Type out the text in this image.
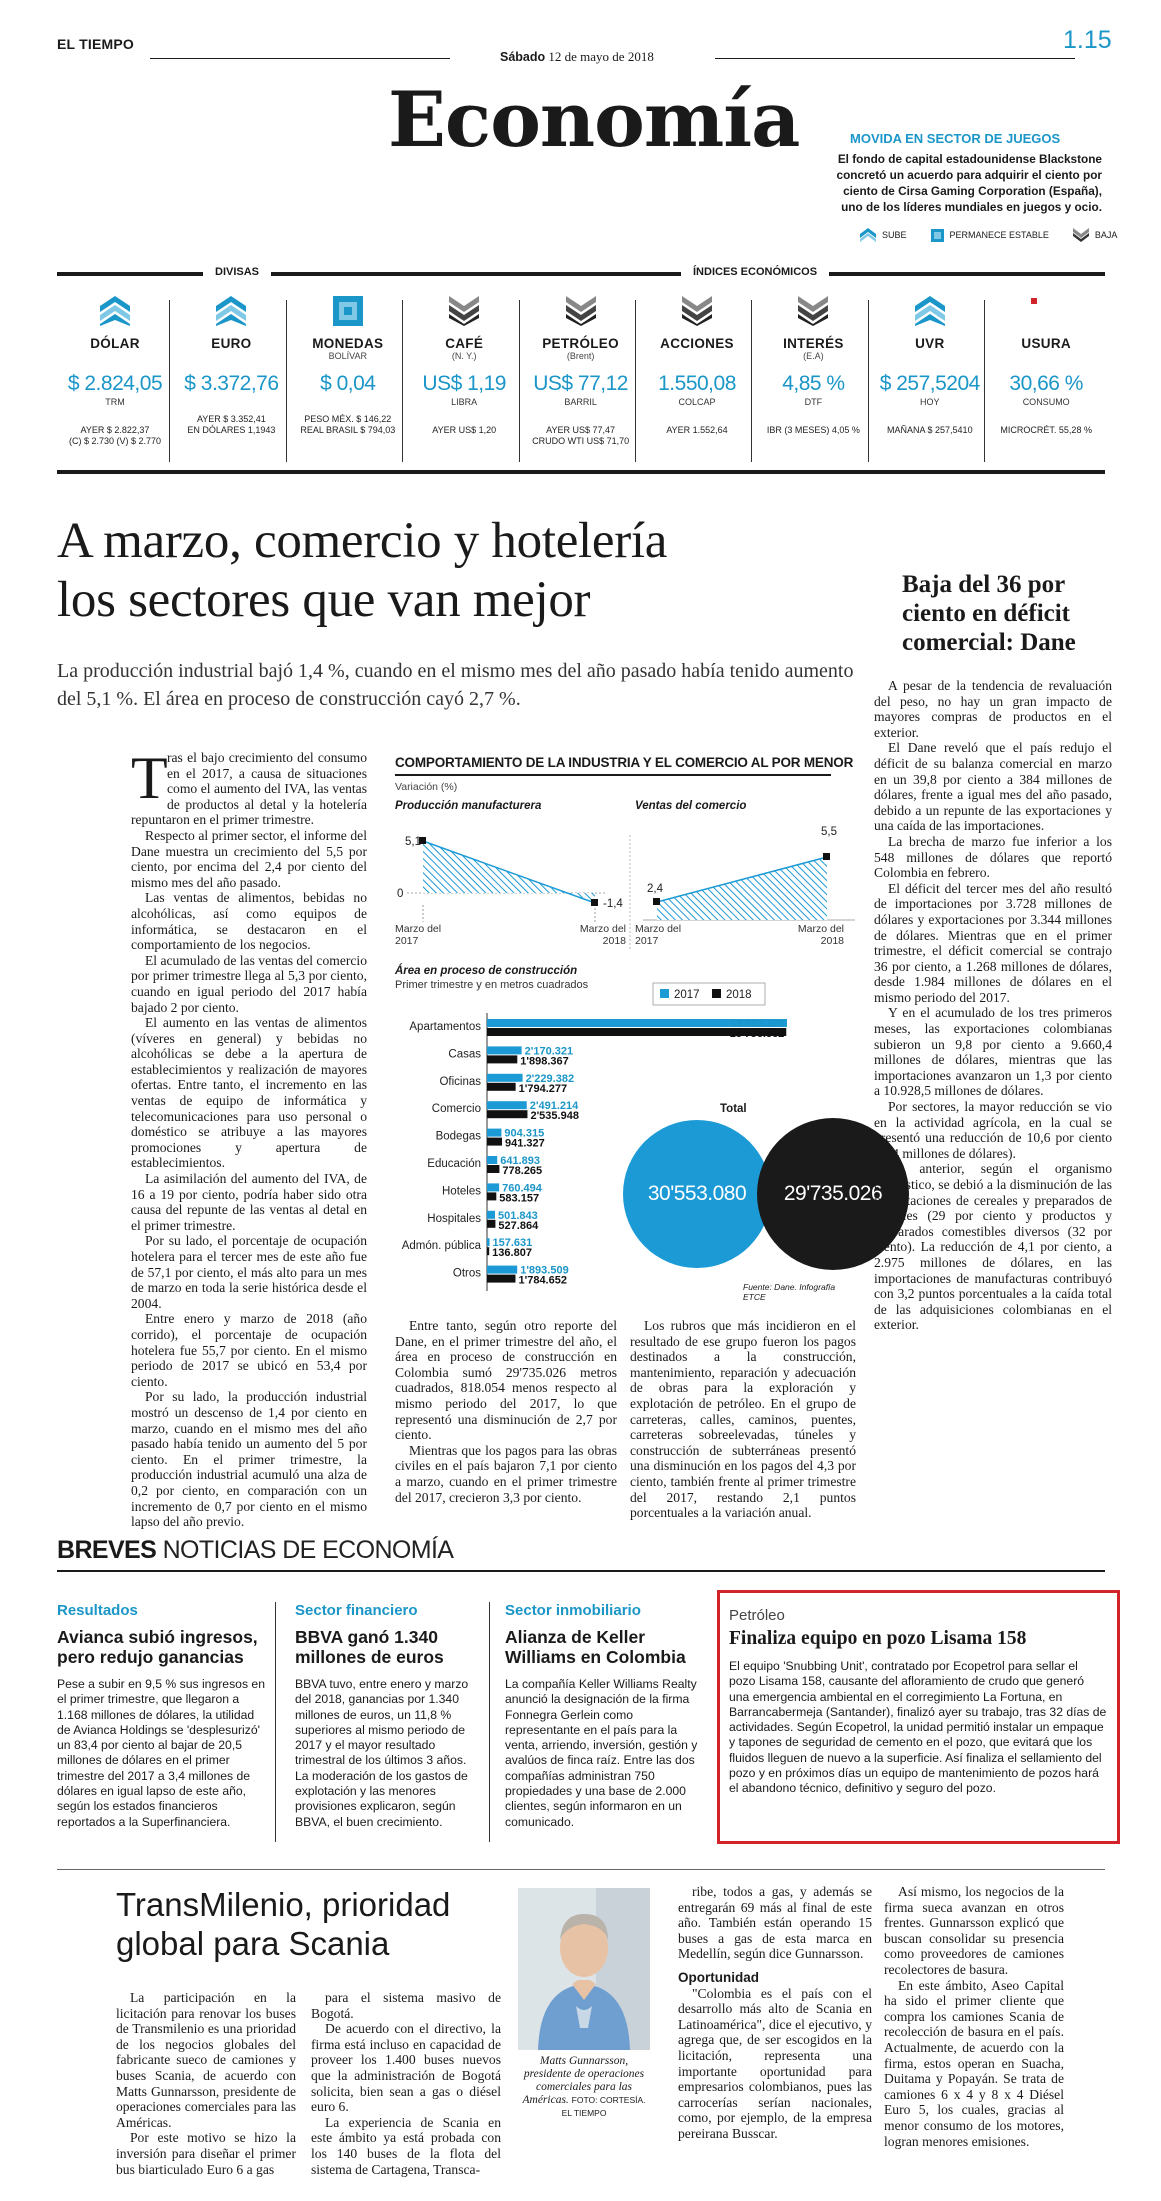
EL TIEMPO
Sábado 12 de mayo de 2018
1.15
Economía	MOVIDA EN SECTOR DE JUEGOS
El fondo de capital estadounidense Blackstone concretó un acuerdo para adquirir el ciento por ciento de Cirsa Gaming Corporation (España), uno de los líderes mundiales en juegos y ocio.
SUBE	PERMANECE ESTABLE	BAJA
DIVISAS	ÍNDICES ECONÓMICOS
DÓLAR
$ 2.824,05
TRM
AYER $ 2.822,37
(C) $ 2.730 (V) $ 2.770
EURO
$ 3.372,76
AYER $ 3.352,41
EN DÓLARES 1,1943
MONEDAS
BOLÍVAR
$ 0,04
PESO MÉX. $ 146,22
REAL BRASIL $ 794,03
CAFÉ
(N. Y.)
US$ 1,19
LIBRA
AYER US$ 1,20
PETRÓLEO
(Brent)
US$ 77,12
BARRIL
AYER US$ 77,47
CRUDO WTI US$ 71,70
ACCIONES
1.550,08
COLCAP
AYER 1.552,64
INTERÉS
(E.A)
4,85 %
DTF
IBR (3 MESES) 4,05 %
UVR
$ 257,5204
HOY
MAÑANA $ 257,5410
USURA
30,66 %
CONSUMO
MICROCRÉT. 55,28 %
A marzo, comercio y hotelería
los sectores que van mejor
La producción industrial bajó 1,4 %, cuando en el mismo mes del año pasado había tenido aumento del 5,1 %. El área en proceso de construcción cayó 2,7 %.
T ras el bajo crecimiento del consumo en el 2017, a causa de situaciones como el aumento del IVA, las ventas de productos al detal y la hotelería repuntaron en el primer trimestre.

Respecto al primer sector, el informe del Dane muestra un crecimiento del 5,5 por ciento, por encima del 2,4 por ciento del mismo mes del año pasado.

Las ventas de alimentos, bebidas no alcohólicas, así como equipos de informática, se destacaron en el comportamiento de los negocios.

El acumulado de las ventas del comercio por primer trimestre llega al 5,3 por ciento, cuando en igual periodo del 2017 había bajado 2 por ciento.

El aumento en las ventas de alimentos (víveres en general) y bebidas no alcohólicas se debe a la apertura de establecimientos y realización de mayores ofertas. Entre tanto, el incremento en las ventas de equipo de informática y telecomunicaciones para uso personal o doméstico se atribuye a las mayores promociones y apertura de establecimientos.

La asimilación del aumento del IVA, de 16 a 19 por ciento, podría haber sido otra causa del repunte de las ventas al detal en el primer trimestre.

Por su lado, el porcentaje de ocupación hotelera para el tercer mes de este año fue de 57,1 por ciento, el más alto para un mes de marzo en toda la serie histórica desde el 2004.

Entre enero y marzo de 2018 (año corrido), el porcentaje de ocupación hotelera fue 55,7 por ciento. En el mismo periodo de 2017 se ubicó en 53,4 por ciento.

Por su lado, la producción industrial mostró un descenso de 1,4 por ciento en marzo, cuando en el mismo mes del año pasado había tenido un aumento del 5 por ciento. En el primer trimestre, la producción industrial acumuló una alza de 0,2 por ciento, en comparación con un incremento de 0,7 por ciento en el mismo lapso del año previo.

COMPORTAMIENTO DE LA INDUSTRIA Y EL COMERCIO AL POR MENOR
Variación (%)
Producción manufacturera	Ventas del comercio
5,1
-1,4
0	2,4
5,5
Marzo del 2017
Marzo del 2018
Marzo del 2017
Marzo del 2018
Área en proceso de construcción
Primer trimestre y en metros cuadrados
2017 2018
Apartamentos	18'802.478
18'756.362
Casas	2'170.321
1'898.367
Oficinas	2'229.382
1'794.277
Comercio	2'491.214
2'535.948
Bodegas 904.315
941.327
Educación 641.893
778.265
Hoteles 760.494
583.157
Hospitales 501.843
527.864
Admón. pública 157.631
136.807
Otros	1'893.509
1'784.652
Total
30'553.080 29'735.026
Fuente: Dane. Infografía ETCE

Entre tanto, según otro reporte del Dane, en el primer trimestre del año, el área en proceso de construcción en Colombia sumó 29'735.026 metros cuadrados, 818.054 menos respecto al mismo periodo del 2017, lo que representó una disminución de 2,7 por ciento.

Mientras que los pagos para las obras civiles en el país bajaron 7,1 por ciento a marzo, cuando en el primer trimestre del 2017, crecieron 3,3 por ciento.

Los rubros que más incidieron en el resultado de ese grupo fueron los pagos destinados a la construcción, mantenimiento, reparación y adecuación de obras para la exploración y explotación de petróleo. En el grupo de carreteras, calles, caminos, puentes, carreteras sobreelevadas, túneles y construcción de subterráneas presentó una disminución en los pagos del 4,3 por ciento, también frente al primer trimestre del 2017, restando 2,1 puntos porcentuales a la variación anual.

Baja del 36 por ciento en déficit comercial: Dane

A pesar de la tendencia de revaluación del peso, no hay un gran impacto de mayores compras de productos en el exterior.

El Dane reveló que el país redujo el déficit de su balanza comercial en marzo en un 39,8 por ciento a 384 millones de dólares, frente a igual mes del año pasado, debido a un repunte de las exportaciones y una caída de las importaciones.

La brecha de marzo fue inferior a los 548 millones de dólares que reportó Colombia en febrero.

El déficit del tercer mes del año resultó de importaciones por 3.728 millones de dólares y exportaciones por 3.344 millones de dólares. Mientras que en el primer trimestre, el déficit comercial se contrajo 36 por ciento, a 1.268 millones de dólares, desde 1.984 millones de dólares en el mismo periodo del 2017.

Y en el acumulado de los tres primeros meses, las exportaciones colombianas subieron un 9,8 por ciento a 9.660,4 millones de dólares, mientras que las importaciones avanzaron un 1,3 por ciento a 10.928,5 millones de dólares.

Por sectores, la mayor reducción se vio en la actividad agrícola, en la cual se presentó una reducción de 10,6 por ciento (574 millones de dólares).

Lo anterior, según el organismo estadístico, se debió a la disminución de las importaciones de cereales y preparados de cereales (29 por ciento y productos y preparados comestibles diversos (32 por ciento). La reducción de 4,1 por ciento, a 2.975 millones de dólares, en las importaciones de manufacturas contribuyó con 3,2 puntos porcentuales a la caída total de las adquisiciones colombianas en el exterior.

BREVES NOTICIAS DE ECONOMÍA
Resultados
Avianca subió ingresos, pero redujo ganancias
Pese a subir en 9,5 % sus ingresos en el primer trimestre, que llegaron a 1.168 millones de dólares, la utilidad de Avianca Holdings se 'desplesurizó' un 83,4 por ciento al bajar de 20,5 millones de dólares en el primer trimestre del 2017 a 3,4 millones de dólares en igual lapso de este año, según los estados financieros reportados a la Superfinanciera.
Sector financiero
BBVA ganó 1.340 millones de euros
BBVA tuvo, entre enero y marzo del 2018, ganancias por 1.340 millones de euros, un 11,8 % superiores al mismo periodo de 2017 y el mayor resultado trimestral de los últimos 3 años. La moderación de los gastos de explotación y las menores provisiones explicaron, según BBVA, el buen crecimiento.
Sector inmobiliario
Alianza de Keller Williams en Colombia
La compañía Keller Williams Realty anunció la designación de la firma Fonnegra Gerlein como representante en el país para la venta, arriendo, inversión, gestión y avalúos de finca raíz. Entre las dos compañías administran 750 propiedades y una base de 2.000 clientes, según informaron en un comunicado.
Petróleo
Finaliza equipo en pozo Lisama 158
El equipo 'Snubbing Unit', contratado por Ecopetrol para sellar el pozo Lisama 158, causante del afloramiento de crudo que generó una emergencia ambiental en el corregimiento La Fortuna, en Barrancabermeja (Santander), finalizó ayer su trabajo, tras 32 días de actividades. Según Ecopetrol, la unidad permitió instalar un empaque y tapones de seguridad de cemento en el pozo, que evitará que los fluidos lleguen de nuevo a la superficie. Así finaliza el sellamiento del pozo y en próximos días un equipo de mantenimiento de pozos hará el abandono técnico, definitivo y seguro del pozo.
TransMilenio, prioridad
global para Scania

La participación en la licitación para renovar los buses de Transmilenio es una prioridad de los negocios globales del fabricante sueco de camiones y buses Scania, de acuerdo con Matts Gunnarsson, presidente de operaciones comerciales para las Américas.

Por este motivo se hizo la inversión para diseñar el primer bus biarticulado Euro 6 a gas

para el sistema masivo de Bogotá.

De acuerdo con el directivo, la firma está incluso en capacidad de proveer los 1.400 buses nuevos que la administración de Bogotá solicita, bien sean a gas o diésel euro 6.

La experiencia de Scania en este ámbito ya está probada con los 140 buses de la flota del sistema de Cartagena, Transca-

Matts Gunnarsson, presidente de operaciones comerciales para las Américas. FOTO: CORTESÍA. EL TIEMPO

ribe, todos a gas, y además se entregarán 69 más al final de este año. También están operando 15 buses a gas de esta marca en Medellín, según dice Gunnarsson.

Oportunidad

"Colombia es el país con el desarrollo más alto de Scania en Latinoamérica", dice el ejecutivo, y agrega que, de ser escogidos en la licitación, representa una importante oportunidad para empresarios colombianos, pues las carrocerías serían nacionales, como, por ejemplo, de la empresa pereirana Busscar.

Así mismo, los negocios de la firma sueca avanzan en otros frentes. Gunnarsson explicó que buscan consolidar su presencia como proveedores de camiones recolectores de basura.

En este ámbito, Aseo Capital ha sido el primer cliente que compra los camiones Scania de recolección de basura en el país. Actualmente, de acuerdo con la firma, estos operan en Suacha, Duitama y Popayán. Se trata de camiones 6 x 4 y 8 x 4 Diésel Euro 5, los cuales, gracias al menor consumo de los motores, logran menores emisiones.
